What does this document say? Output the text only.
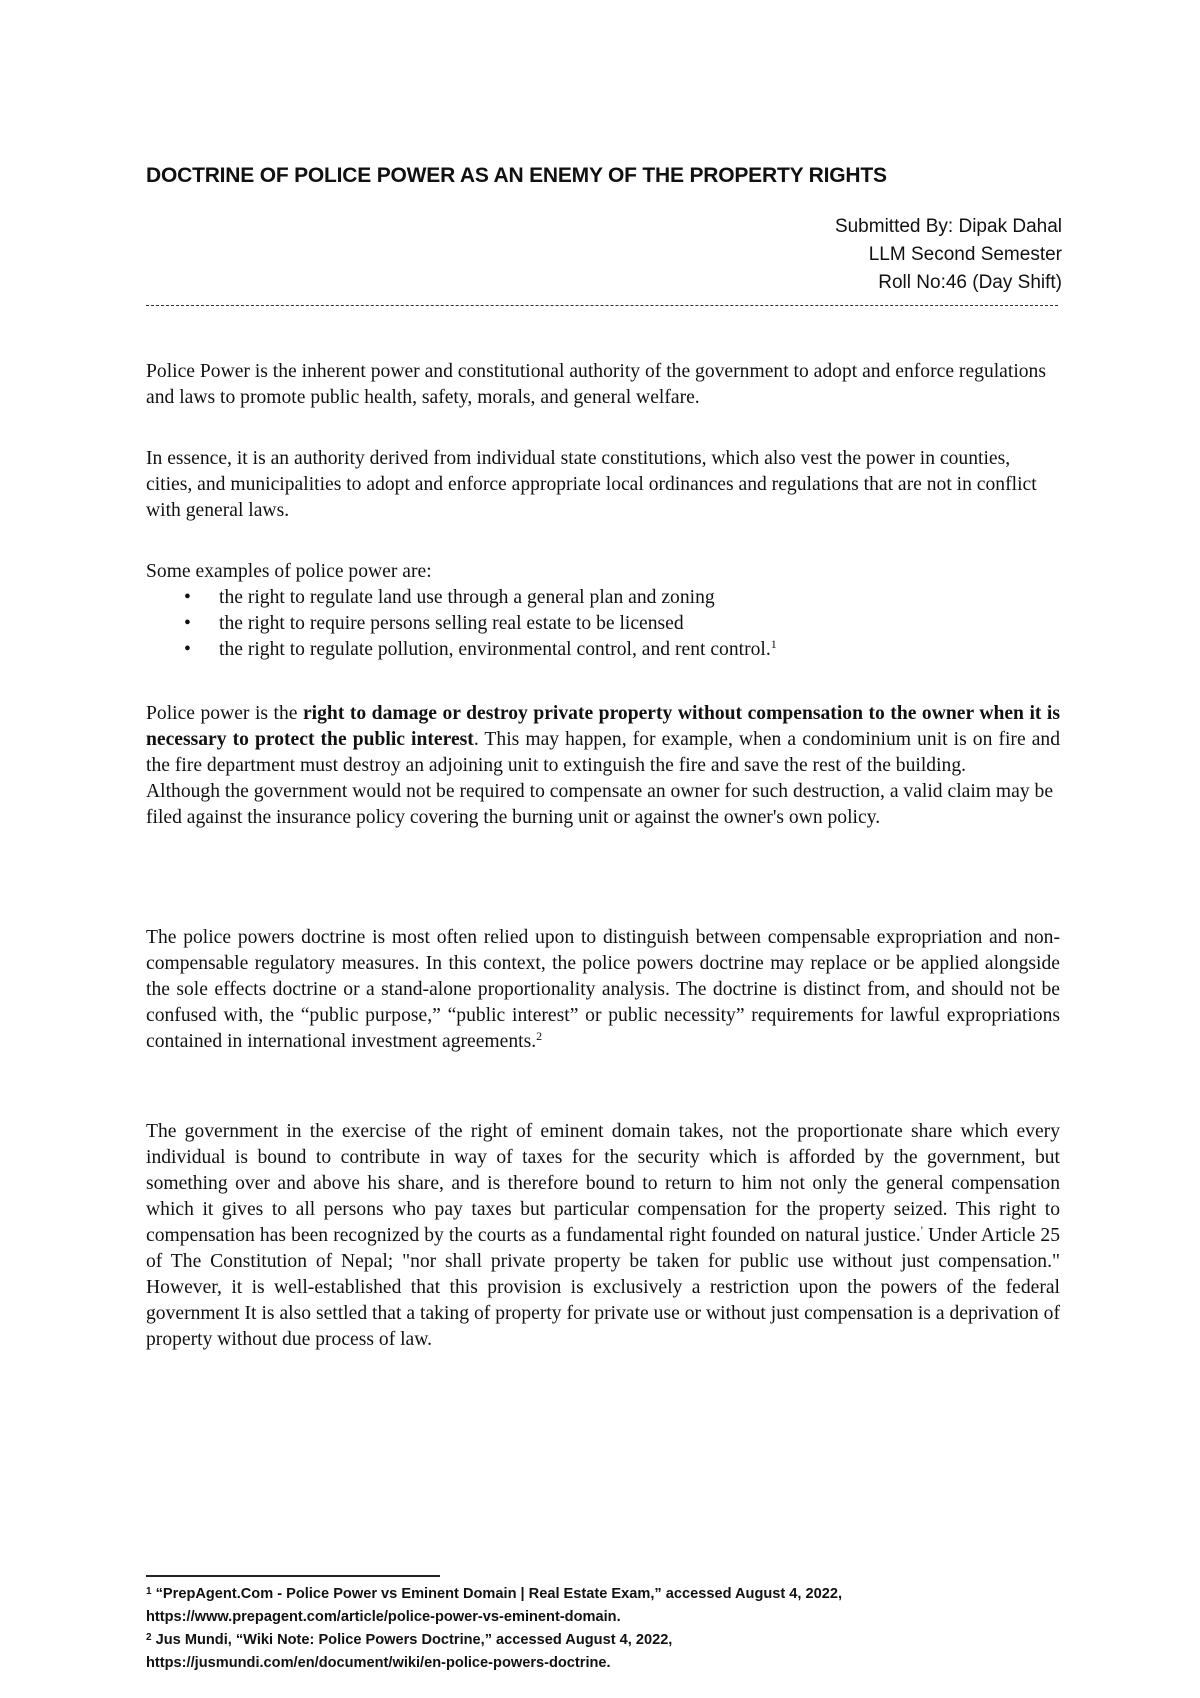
DOCTRINE OF POLICE POWER AS AN ENEMY OF THE PROPERTY RIGHTS
Submitted By: Dipak Dahal
LLM Second Semester
Roll No:46 (Day Shift)

Police Power is the inherent power and constitutional authority of the government to adopt and enforce regulations and laws to promote public health, safety, morals, and general welfare.

In essence, it is an authority derived from individual state constitutions, which also vest the power in counties, cities, and municipalities to adopt and enforce appropriate local ordinances and regulations that are not in conflict with general laws.

Some examples of police power are:

• the right to regulate land use through a general plan and zoning
• the right to require persons selling real estate to be licensed
• the right to regulate pollution, environmental control, and rent control.$^1$

Police power is the right to damage or destroy private property without compensation to the owner when it is necessary to protect the public interest. This may happen, for example, when a condominium unit is on fire and the fire department must destroy an adjoining unit to extinguish the fire and save the rest of the building.

Although the government would not be required to compensate an owner for such destruction, a valid claim may be filed against the insurance policy covering the burning unit or against the owner's own policy.

The police powers doctrine is most often relied upon to distinguish between compensable expropriation and non-compensable regulatory measures. In this context, the police powers doctrine may replace or be applied alongside the sole effects doctrine or a stand-alone proportionality analysis. The doctrine is distinct from, and should not be confused with, the “public purpose,” “public interest” or public necessity” requirements for lawful expropriations contained in international investment agreements.$^2$

The government in the exercise of the right of eminent domain takes, not the proportionate share which every individual is bound to contribute in way of taxes for the security which is afforded by the government, but something over and above his share, and is therefore bound to return to him not only the general compensation which it gives to all persons who pay taxes but particular compensation for the property seized. This right to compensation has been recognized by the courts as a fundamental right founded on natural justice.' Under Article 25 of The Constitution of Nepal; "nor shall private property be taken for public use without just compensation." However, it is well-established that this provision is exclusively a restriction upon the powers of the federal government It is also settled that a taking of property for private use or without just compensation is a deprivation of property without due process of law.

$^1$ “PrepAgent.Com - Police Power vs Eminent Domain | Real Estate Exam,” accessed August 4, 2022,
https://www.prepagent.com/article/police-power-vs-eminent-domain.
$^2$ Jus Mundi, “Wiki Note: Police Powers Doctrine,” accessed August 4, 2022,
https://jusmundi.com/en/document/wiki/en-police-powers-doctrine.
